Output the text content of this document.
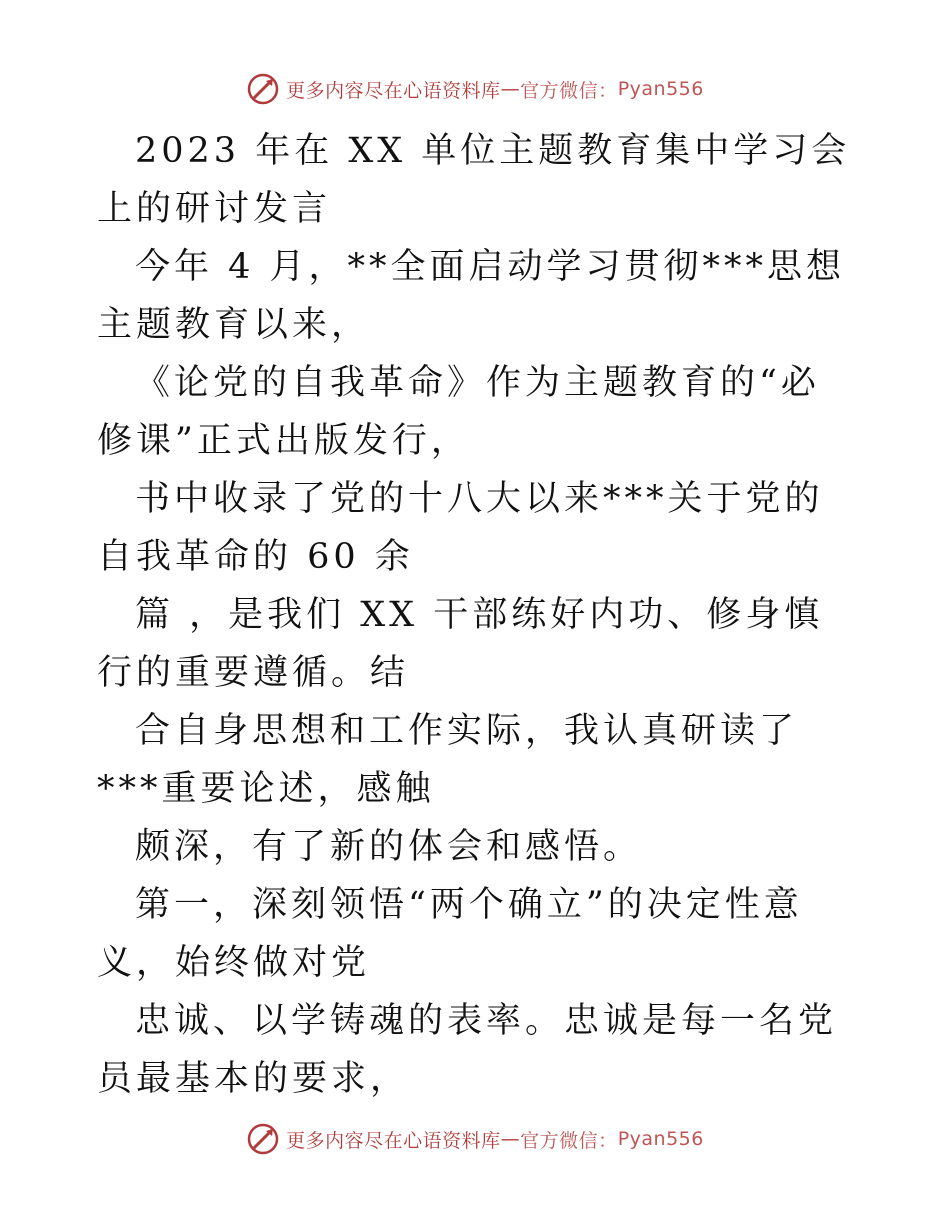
更多内容尽在心语资料库 — 官方微信： Pyan556

2023 年在 XX 单位主题教育集中学习会上的研讨发言

今年 4 月，**全面启动学习贯彻***思想主题教育以来，

《论党的自我革命》作为主题教育的“必修课”正式出版发行，

书中收录了党的十八大以来***关于党的自我革命的 60 余

篇 ，是我们 XX 干部练好内功、修身慎行的重要遵循。结

合自身思想和工作实际，我认真研读了***重要论述，感触

颇深，有了新的体会和感悟。

第一，深刻领悟“两个确立”的决定性意义，始终做对党

忠诚、以学铸魂的表率。忠诚是每一名党员最基本的要求，

更多内容尽在心语资料库 — 官方微信： Pyan556
